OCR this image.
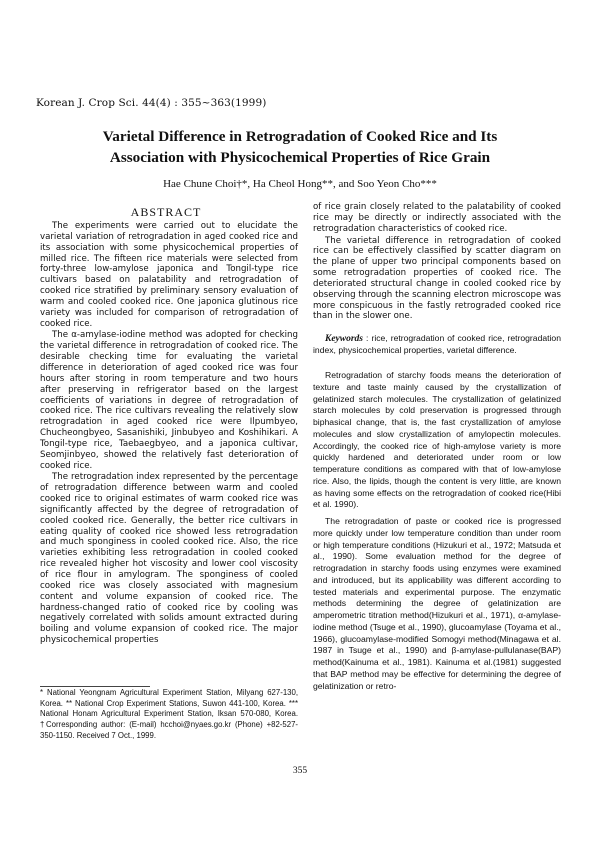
Korean J. Crop Sci. 44(4) : 355~363(1999)
Varietal Difference in Retrogradation of Cooked Rice and Its
Association with Physicochemical Properties of Rice Grain
Hae Chune Choi†*, Ha Cheol Hong**, and Soo Yeon Cho***
ABSTRACT

The experiments were carried out to elucidate the varietal variation of retrogradation in aged cooked rice and its association with some physicochemical properties of milled rice. The fifteen rice materials were selected from forty-three low-amylose japonica and Tongil-type rice cultivars based on palatability and retrogradation of cooked rice stratified by preliminary sensory evaluation of warm and cooled cooked rice. One japonica glutinous rice variety was included for comparison of retrogradation of cooked rice.

The α-amylase-iodine method was adopted for checking the varietal difference in retrogradation of cooked rice. The desirable checking time for evaluating the varietal difference in deterioration of aged cooked rice was four hours after storing in room temperature and two hours after preserving in refrigerator based on the largest coefficients of variations in degree of retrogradation of cooked rice. The rice cultivars revealing the relatively slow retrogradation in aged cooked rice were Ilpumbyeo, Chucheongbyeo, Sasanishiki, Jinbubyeo and Koshihikari. A Tongil-type rice, Taebaegbyeo, and a japonica cultivar, Seomjinbyeo, showed the relatively fast deterioration of cooked rice.

The retrogradation index represented by the percentage of retrogradation difference between warm and cooled cooked rice to original estimates of warm cooked rice was significantly affected by the degree of retrogradation of cooled cooked rice. Generally, the better rice cultivars in eating quality of cooked rice showed less retrogradation and much sponginess in cooled cooked rice. Also, the rice varieties exhibiting less retrogradation in cooled cooked rice revealed higher hot viscosity and lower cool viscosity of rice flour in amylogram. The sponginess of cooled cooked rice was closely associated with magnesium content and volume expansion of cooked rice. The hardness-changed ratio of cooked rice by cooling was negatively correlated with solids amount extracted during boiling and volume expansion of cooked rice. The major physicochemical properties

of rice grain closely related to the palatability of cooked rice may be directly or indirectly associated with the retrogradation characteristics of cooked rice.

The varietal difference in retrogradation of cooked rice can be effectively classified by scatter diagram on the plane of upper two principal components based on some retrogradation properties of cooked rice. The deteriorated structural change in cooled cooked rice by observing through the scanning electron microscope was more conspicuous in the fastly retrograded cooked rice than in the slower one.

Keywords : rice, retrogradation of cooked rice, retrogradation index, physicochemical properties, varietal difference.

Retrogradation of starchy foods means the deterioration of texture and taste mainly caused by the crystallization of gelatinized starch molecules. The crystallization of gelatinized starch molecules by cold preservation is progressed through biphasical change, that is, the fast crystallization of amylose molecules and slow crystallization of amylopectin molecules. Accordingly, the cooked rice of high-amylose variety is more quickly hardened and deteriorated under room or low temperature conditions as compared with that of low-amylose rice. Also, the lipids, though the content is very little, are known as having some effects on the retrogradation of cooked rice(Hibi et al. 1990).

The retrogradation of paste or cooked rice is progressed more quickly under low temperature condition than under room or high temperature conditions (Hizukuri et al., 1972; Matsuda et al., 1990). Some evaluation method for the degree of retrogradation in starchy foods using enzymes were examined and introduced, but its applicability was different according to tested materials and experimental purpose. The enzymatic methods determining the degree of gelatinization are amperometric titration method(Hizukuri et al., 1971), α-amylase-iodine method (Tsuge et al., 1990), glucoamylase (Toyama et al., 1966), glucoamylase-modified Somogyi method(Minagawa et al. 1987 in Tsuge et al., 1990) and β-amylase-pullulanase(BAP) method(Kainuma et al., 1981). Kainuma et al.(1981) suggested that BAP method may be effective for determining the degree of gelatinization or retro-

* National Yeongnam Agricultural Experiment Station, Milyang 627-130, Korea. ** National Crop Experiment Stations, Suwon 441-100, Korea. *** National Honam Agricultural Experiment Station, Iksan 570-080, Korea. †Corresponding author: (E-mail) hcchoi@nyaes.go.kr (Phone) +82-527-350-1150. Received 7 Oct., 1999.
355
